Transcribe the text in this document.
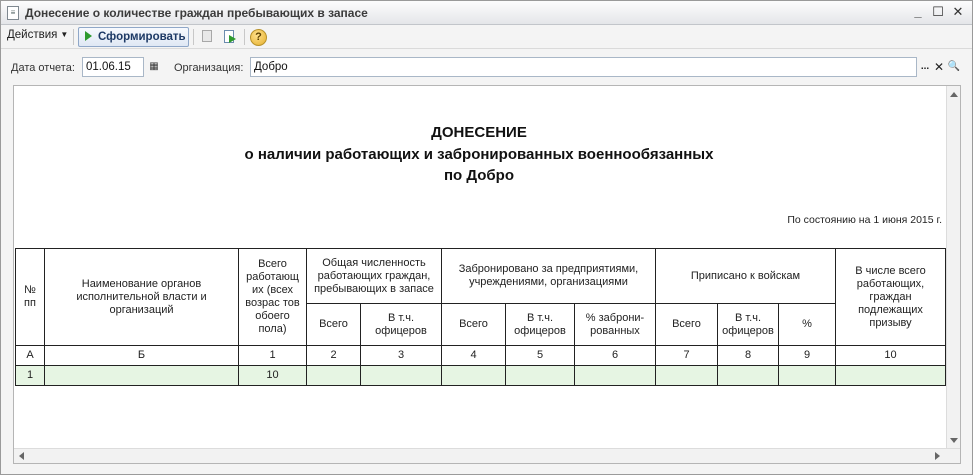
≡ Донесение о количестве граждан пребывающих в запасе	_ ☐ ✕
Действия ▼	Сформировать	?
Дата отчета: 01.06.15	▦ Организация: Добро	... ✕ 🔍
ДОНЕСЕНИЕ
о наличии работающих и забронированных военнообязанных
по Добро
По состоянию на 1 июня 2015 г.
№ пп	Наименование органов исполнительной власти и организаций	Всего работающ их (всех возрас тов обоего пола)	Общая численность работающих граждан, пребывающих в запасе		Забронировано за предприятиями, учреждениями, организациями			Приписано к войскам			В числе всего работающих, граждан подлежащих призыву
			Всего	В т.ч. офицеров	Всего	В т.ч. офицеров	% заброни-рованных	Всего	В т.ч. офицеров	%	
А	Б	1	2	3	4	5	6	7	8	9	10
1		10									
